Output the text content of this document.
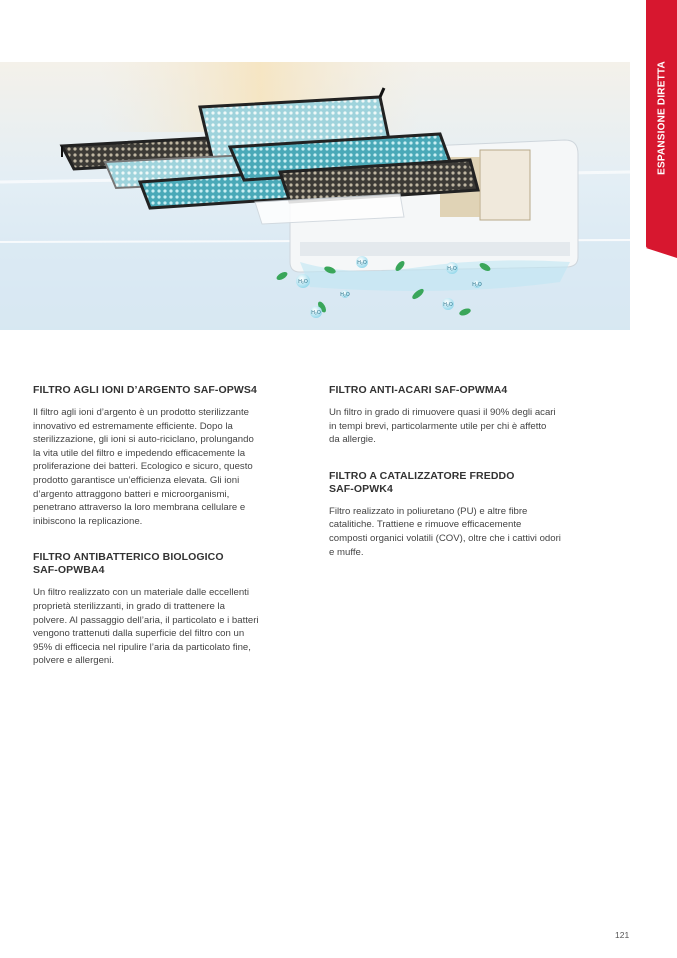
H₂O
H₂O
H₂O
H₂O
H₂O
H₂O
H₂O
ESPANSIONE DIRETTA
FILTRO AGLI IONI D’ARGENTO SAF-OPWS4

Il filtro agli ioni d’argento è un prodotto sterilizzante
innovativo ed estremamente efficiente. Dopo la
sterilizzazione, gli ioni si auto-riciclano, prolungando
la vita utile del filtro e impedendo efficacemente la
proliferazione dei batteri. Ecologico e sicuro, questo
prodotto garantisce un’efficienza elevata. Gli ioni
d’argento attraggono batteri e microorganismi,
penetrano attraverso la loro membrana cellulare e
inibiscono la replicazione.

FILTRO ANTIBATTERICO BIOLOGICO
SAF-OPWBA4

Un filtro realizzato con un materiale dalle eccellenti
proprietà sterilizzanti, in grado di trattenere la
polvere. Al passaggio dell’aria, il particolato e i batteri
vengono trattenuti dalla superficie del filtro con un
95% di efficecia nel ripulire l’aria da particolato fine,
polvere e allergeni.

FILTRO ANTI-ACARI SAF-OPWMA4

Un filtro in grado di rimuovere quasi il 90% degli acari
in tempi brevi, particolarmente utile per chi è affetto
da allergie.

FILTRO A CATALIZZATORE FREDDO
SAF-OPWK4

Filtro realizzato in poliuretano (PU) e altre fibre
catalitiche. Trattiene e rimuove efficacemente
composti organici volatili (COV), oltre che i cattivi odori
e muffe.

121
